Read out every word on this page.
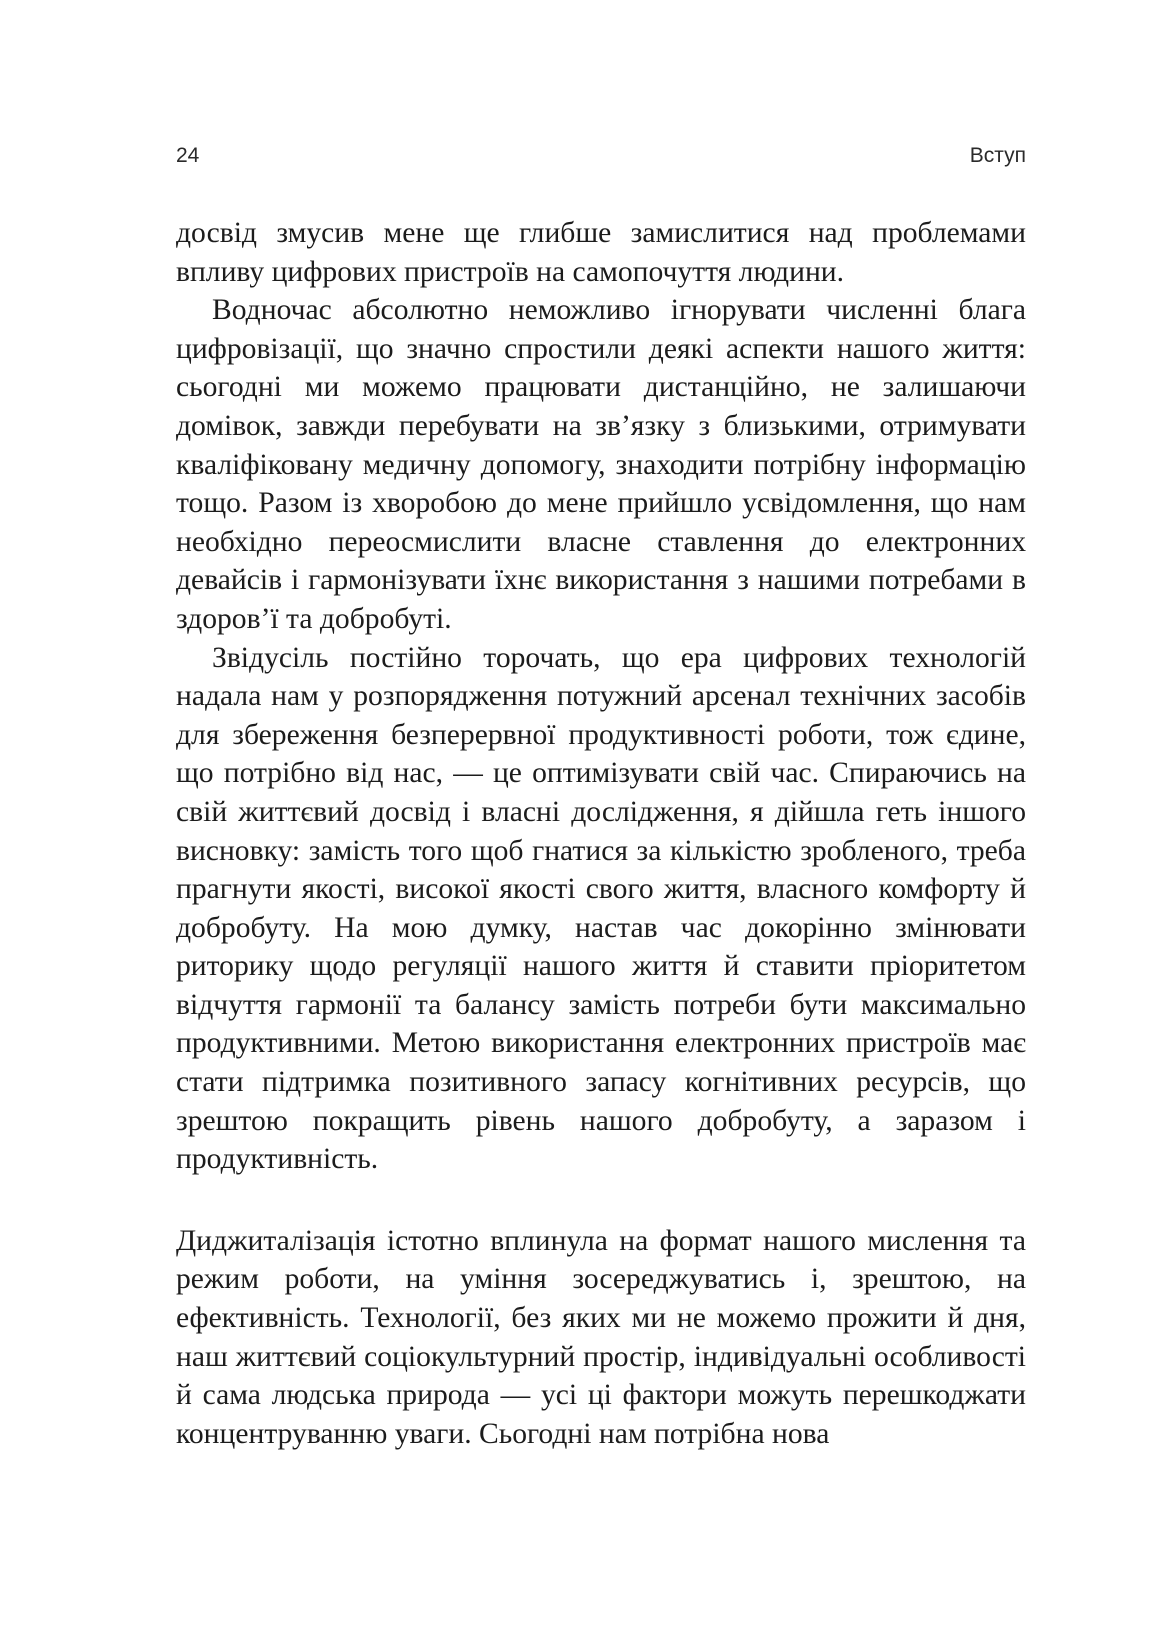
24	Вступ

досвід змусив мене ще глибше замислитися над проблемами впливу цифрових пристроїв на самопочуття людини.

Водночас абсолютно неможливо ігнорувати численні блага цифровізації, що значно спростили деякі аспекти нашого життя: сьогодні ми можемо працювати дистанційно, не залишаючи домівок, завжди перебувати на зв’язку з близькими, отримувати кваліфіковану медичну допомогу, знаходити потрібну інформацію тощо. Разом із хворобою до мене прийшло усвідомлення, що нам необхідно переосмислити власне ставлення до електронних девайсів і гармонізувати їхнє використання з нашими потребами в здоров’ї та добробуті.

Звідусіль постійно торочать, що ера цифрових технологій надала нам у розпорядження потужний арсенал технічних засобів для збереження безперервної продуктивності роботи, тож єдине, що потрібно від нас, — це оптимізувати свій час. Спираючись на свій життєвий досвід і власні дослідження, я дійшла геть іншого висновку: замість того щоб гнатися за кількістю зробленого, треба прагнути якості, високої якості свого життя, власного комфорту й добробуту. На мою думку, настав час докорінно змінювати риторику щодо регуляції нашого життя й ставити пріоритетом відчуття гармонії та балансу замість потреби бути максимально продуктивними. Метою використання електронних пристроїв має стати підтримка позитивного запасу когнітивних ресурсів, що зрештою покращить рівень нашого добробуту, а заразом і продуктивність.

Диджиталізація істотно вплинула на формат нашого мислення та режим роботи, на уміння зосереджуватись і, зрештою, на ефективність. Технології, без яких ми не можемо прожити й дня, наш життєвий соціокультурний простір, індивідуальні особливості й сама людська природа — усі ці фактори можуть перешкоджати концентруванню уваги. Сьогодні нам потрібна нова
